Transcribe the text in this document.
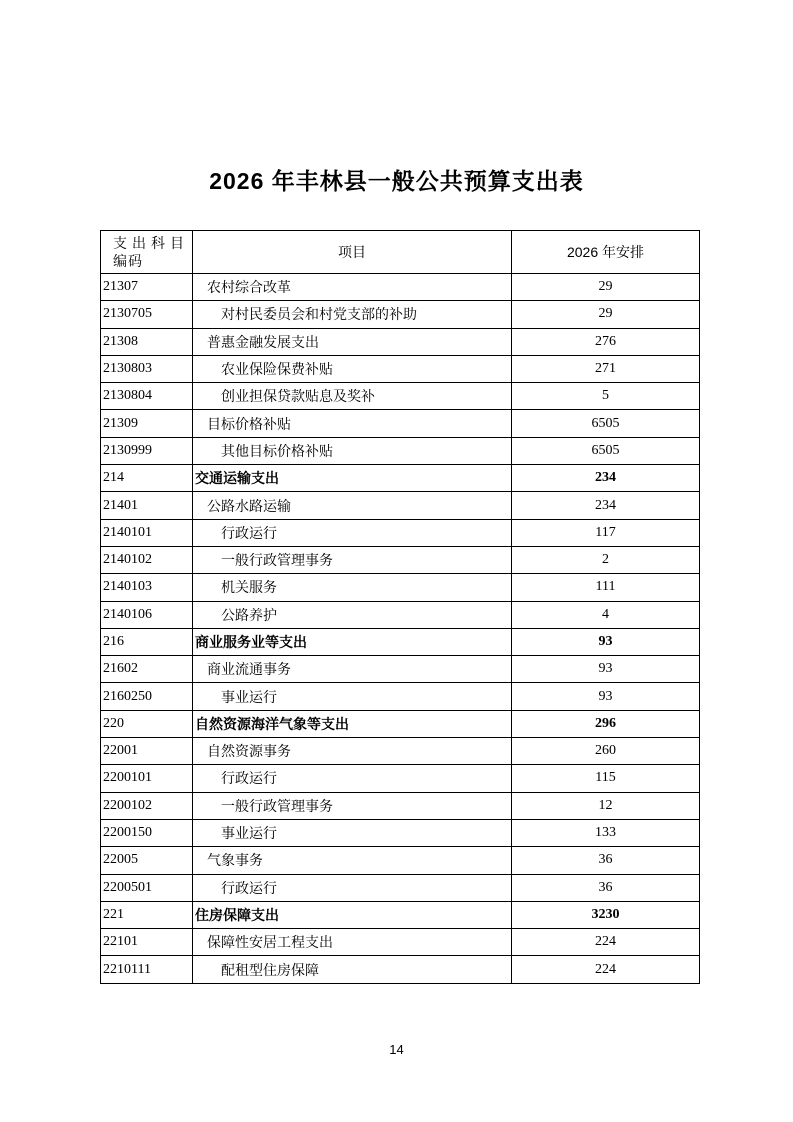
2026 年丰林县一般公共预算支出表
支出科目
编码	项目	2026 年安排
21307	农村综合改革	29
2130705	对村民委员会和村党支部的补助	29
21308	普惠金融发展支出	276
2130803	农业保险保费补贴	271
2130804	创业担保贷款贴息及奖补	5
21309	目标价格补贴	6505
2130999	其他目标价格补贴	6505
214	交通运输支出	234
21401	公路水路运输	234
2140101	行政运行	117
2140102	一般行政管理事务	2
2140103	机关服务	111
2140106	公路养护	4
216	商业服务业等支出	93
21602	商业流通事务	93
2160250	事业运行	93
220	自然资源海洋气象等支出	296
22001	自然资源事务	260
2200101	行政运行	115
2200102	一般行政管理事务	12
2200150	事业运行	133
22005	气象事务	36
2200501	行政运行	36
221	住房保障支出	3230
22101	保障性安居工程支出	224
2210111	配租型住房保障	224
14
